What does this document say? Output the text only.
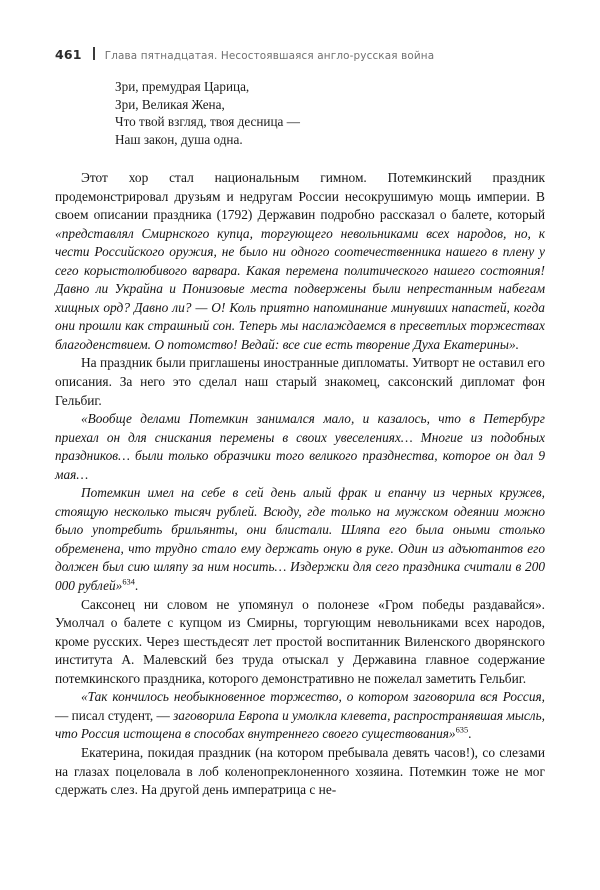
461 Глава пятнадцатая. Несостоявшаяся англо-русская война
Зри, премудрая Царица,
Зри, Великая Жена,
Что твой взгляд, твоя десница —
Наш закон, душа одна.

Этот хор стал национальным гимном. Потемкинский праздник продемонстрировал друзьям и недругам России несокрушимую мощь империи. В своем описании праздника (1792) Державин подробно рассказал о балете, который «представлял Смирнского купца, торгующего невольниками всех народов, но, к чести Российского оружия, не было ни одного соотечественника нашего в плену у сего корыстолюбивого варвара. Какая перемена политического нашего состояния! Давно ли Украйна и Понизовые места подвержены были непрестанным набегам хищных орд? Давно ли? — О! Коль приятно напоминание минувших напастей, когда они прошли как страшный сон. Теперь мы наслаждаемся в пресветлых торжествах благоденствием. О потомство! Ведай: все сие есть творение Духа Екатерины».

На праздник были приглашены иностранные дипломаты. Уитворт не оставил его описания. За него это сделал наш старый знакомец, саксонский дипломат фон Гельбиг.

«Вообще делами Потемкин занимался мало, и казалось, что в Петербург приехал он для снискания перемены в своих увеселениях… Многие из подобных праздников… были только образчики того великого празднества, которое он дал 9 мая…

Потемкин имел на себе в сей день алый фрак и епанчу из черных кружев, стоящую несколько тысяч рублей. Всюду, где только на мужском одеянии можно было употребить брильянты, они блистали. Шляпа его была оными столько обременена, что трудно стало ему держать оную в руке. Один из адъютантов его должен был сию шляпу за ним носить… Издержки для сего праздника считали в 200 000 рублей»$^{634}$.

Саксонец ни словом не упомянул о полонезе «Гром победы раздавайся». Умолчал о балете с купцом из Смирны, торгующим невольниками всех народов, кроме русских. Через шестьдесят лет простой воспитанник Виленского дворянского института А. Малевский без труда отыскал у Державина главное содержание потемкинского праздника, которого демонстративно не пожелал заметить Гельбиг.

«Так кончилось необыкновенное торжество, о котором заговорила вся Россия, — писал студент, — заговорила Европа и умолкла клевета, распространявшая мысль, что Россия истощена в способах внутреннего своего существования»$^{635}$.

Екатерина, покидая праздник (на котором пребывала девять часов!), со слезами на глазах поцеловала в лоб коленопреклоненного хозяина. Потемкин тоже не мог сдержать слез. На другой день императрица с не-
